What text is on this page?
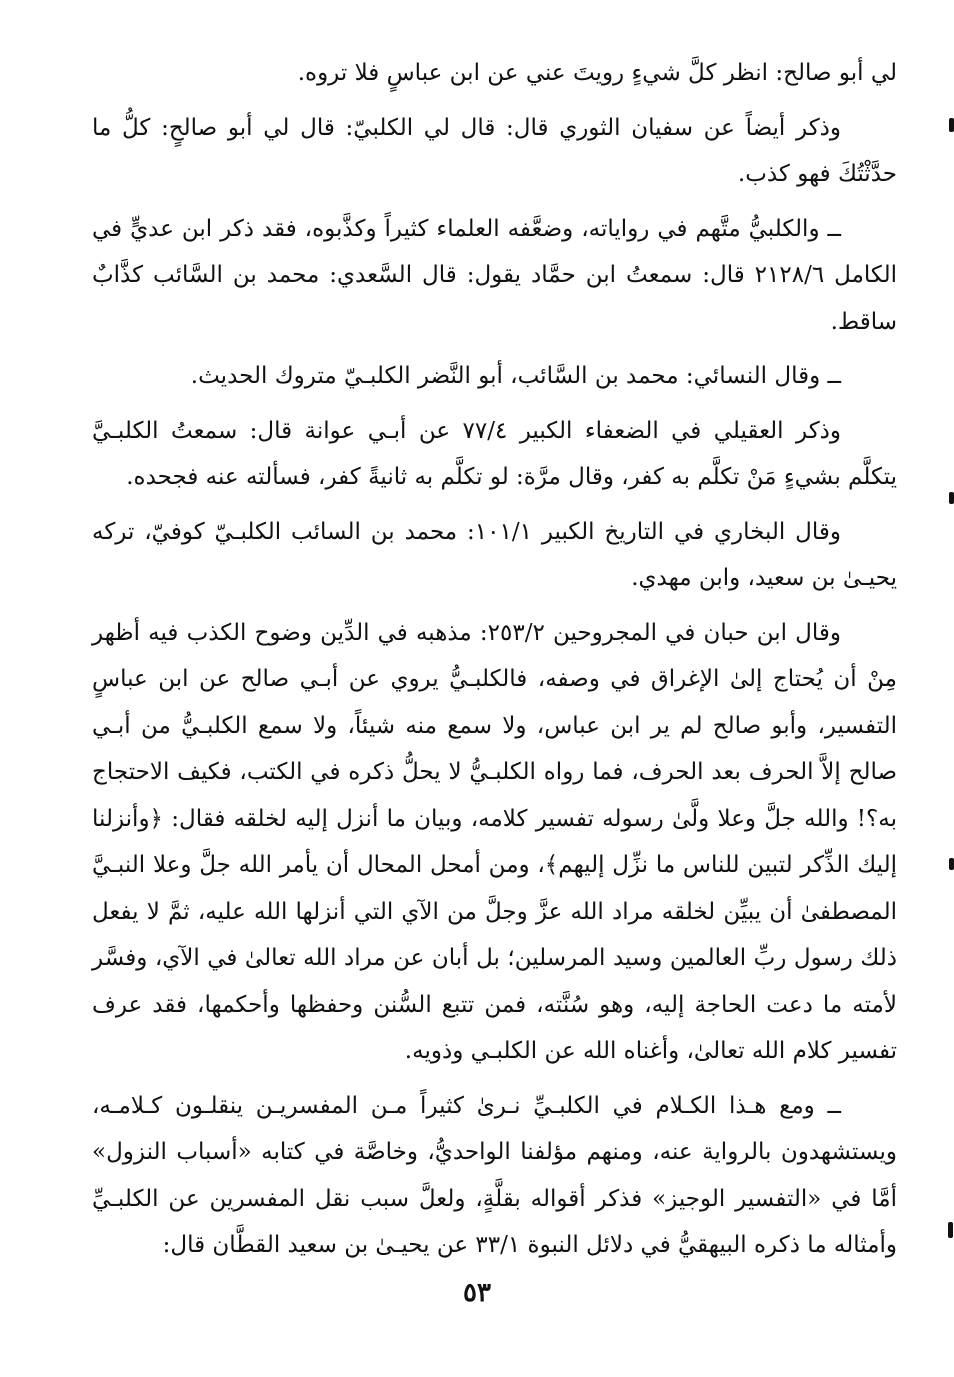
لي أبو صالح: انظر كلَّ شيءٍ رويتَ عني عن ابن عباسٍ فلا تروه.

وذكر أيضاً عن سفيان الثوري قال: قال لي الكلبيّ: قال لي أبو صالحٍ: كلُّ ما حدَّثْتُكَ فهو كذب.

ــ والكلبيُّ متَّهم في رواياته، وضعَّفه العلماء كثيراً وكذَّبوه، فقد ذكر ابن عديٍّ في الكامل ٢١٢٨/٦ قال: سمعتُ ابن حمَّاد يقول: قال السَّعدي: محمد بن السَّائب كذَّابٌ ساقط.

ــ وقال النسائي: محمد بن السَّائب، أبو النَّضر الكلبـيّ متروك الحديث.

وذكر العقيلي في الضعفاء الكبير ٧٧/٤ عن أبـي عوانة قال: سمعتُ الكلبـيَّ يتكلَّم بشيءٍ مَنْ تكلَّم به كفر، وقال مرَّة: لو تكلَّم به ثانيةً كفر، فسألته عنه فجحده.

وقال البخاري في التاريخ الكبير ١٠١/١: محمد بن السائب الكلبـيّ كوفيّ، تركه يحيـىٰ بن سعيد، وابن مهدي.

وقال ابن حبان في المجروحين ٢٥٣/٢: مذهبه في الدِّين وضوح الكذب فيه أظهر مِنْ أن يُحتاج إلىٰ الإغراق في وصفه، فالكلبـيُّ يروي عن أبـي صالح عن ابن عباسٍ التفسير، وأبو صالح لم ير ابن عباس، ولا سمع منه شيئاً، ولا سمع الكلبـيُّ من أبـي صالح إلاَّ الحرف بعد الحرف، فما رواه الكلبـيُّ لا يحلُّ ذكره في الكتب، فكيف الاحتجاج به؟! والله جلَّ وعلا ولَّىٰ رسوله تفسير كلامه، وبيان ما أنزل إليه لخلقه فقال: ﴿وأنزلنا إليك الذِّكر لتبين للناس ما نزِّل إليهم﴾، ومن أمحل المحال أن يأمر الله جلَّ وعلا النبـيَّ المصطفىٰ أن يبيِّن لخلقه مراد الله عزَّ وجلَّ من الآي التي أنزلها الله عليه، ثمَّ لا يفعل ذلك رسول ربِّ العالمين وسيد المرسلين؛ بل أبان عن مراد الله تعالىٰ في الآي، وفسَّر لأمته ما دعت الحاجة إليه، وهو سُنَّته، فمن تتبع السُّنن وحفظها وأحكمها، فقد عرف تفسير كلام الله تعالىٰ، وأغناه الله عن الكلبـي وذويه.

ــ ومع هـذا الكـلام في الكلبـيِّ نـرىٰ كثيراً مـن المفسريـن ينقلـون كـلامـه، ويستشهدون بالرواية عنه، ومنهم مؤلفنا الواحديُّ، وخاصَّة في كتابه «أسباب النزول» أمَّا في «التفسير الوجيز» فذكر أقواله بقلَّةٍ، ولعلَّ سبب نقل المفسرين عن الكلبـيِّ وأمثاله ما ذكره البيهقيُّ في دلائل النبوة ٣٣/١ عن يحيـىٰ بن سعيد القطَّان قال:

٥٣
